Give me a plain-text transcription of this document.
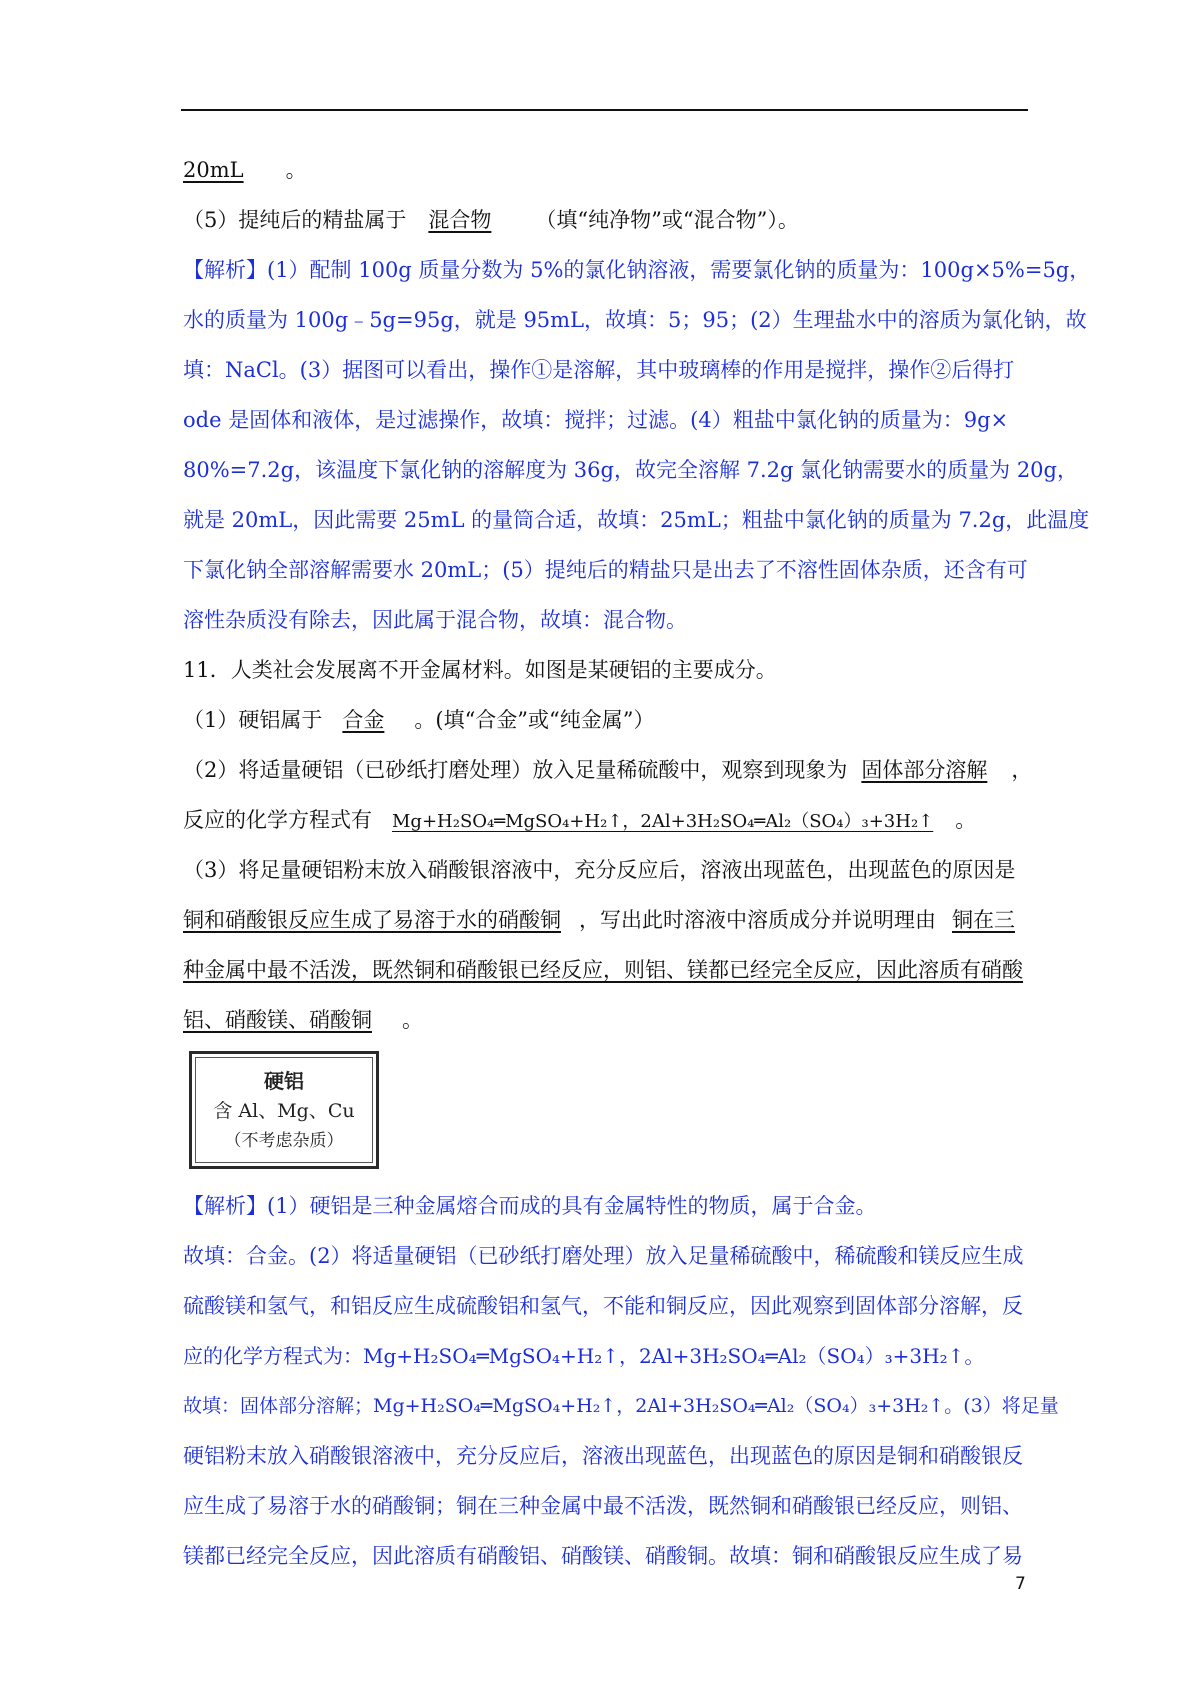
20mL 。
（5）提纯后的精盐属于 混合物 （填“纯净物”或“混合物”）。
【解析】(1）配制 100g 质量分数为 5%的氯化钠溶液，需要氯化钠的质量为：100g×5%=5g，
水的质量为 100g﹣5g=95g，就是 95mL，故填：5；95；(2）生理盐水中的溶质为氯化钠，故
填：NaCl。(3）据图可以看出，操作①是溶解，其中玻璃棒的作用是搅拌，操作②后得打
ode 是固体和液体，是过滤操作，故填：搅拌；过滤。(4）粗盐中氯化钠的质量为：9g×
80%=7.2g，该温度下氯化钠的溶解度为 36g，故完全溶解 7.2g 氯化钠需要水的质量为 20g，
就是 20mL，因此需要 25mL 的量筒合适，故填：25mL；粗盐中氯化钠的质量为 7.2g，此温度
下氯化钠全部溶解需要水 20mL；(5）提纯后的精盐只是出去了不溶性固体杂质，还含有可
溶性杂质没有除去，因此属于混合物，故填：混合物。
11．人类社会发展离不开金属材料。如图是某硬铝的主要成分。
（1）硬铝属于 合金 。(填“合金”或“纯金属”）
（2）将适量硬铝（已砂纸打磨处理）放入足量稀硫酸中，观察到现象为 固体部分溶解 ，
反应的化学方程式有 Mg+H₂SO₄═MgSO₄+H₂↑，2Al+3H₂SO₄═Al₂（SO₄）₃+3H₂↑ 。
（3）将足量硬铝粉末放入硝酸银溶液中，充分反应后，溶液出现蓝色，出现蓝色的原因是
铜和硝酸银反应生成了易溶于水的硝酸铜 ，写出此时溶液中溶质成分并说明理由 铜在三
种金属中最不活泼，既然铜和硝酸银已经反应，则铝、镁都已经完全反应，因此溶质有硝酸
铝、硝酸镁、硝酸铜 。
硬铝
含 Al、Mg、Cu
（不考虑杂质）
【解析】(1）硬铝是三种金属熔合而成的具有金属特性的物质，属于合金。
故填：合金。(2）将适量硬铝（已砂纸打磨处理）放入足量稀硫酸中，稀硫酸和镁反应生成
硫酸镁和氢气，和铝反应生成硫酸铝和氢气，不能和铜反应，因此观察到固体部分溶解，反
应的化学方程式为：Mg+H₂SO₄═MgSO₄+H₂↑，2Al+3H₂SO₄═Al₂（SO₄）₃+3H₂↑。
故填：固体部分溶解；Mg+H₂SO₄═MgSO₄+H₂↑，2Al+3H₂SO₄═Al₂（SO₄）₃+3H₂↑。(3）将足量
硬铝粉末放入硝酸银溶液中，充分反应后，溶液出现蓝色，出现蓝色的原因是铜和硝酸银反
应生成了易溶于水的硝酸铜；铜在三种金属中最不活泼，既然铜和硝酸银已经反应，则铝、
镁都已经完全反应，因此溶质有硝酸铝、硝酸镁、硝酸铜。故填：铜和硝酸银反应生成了易
7
